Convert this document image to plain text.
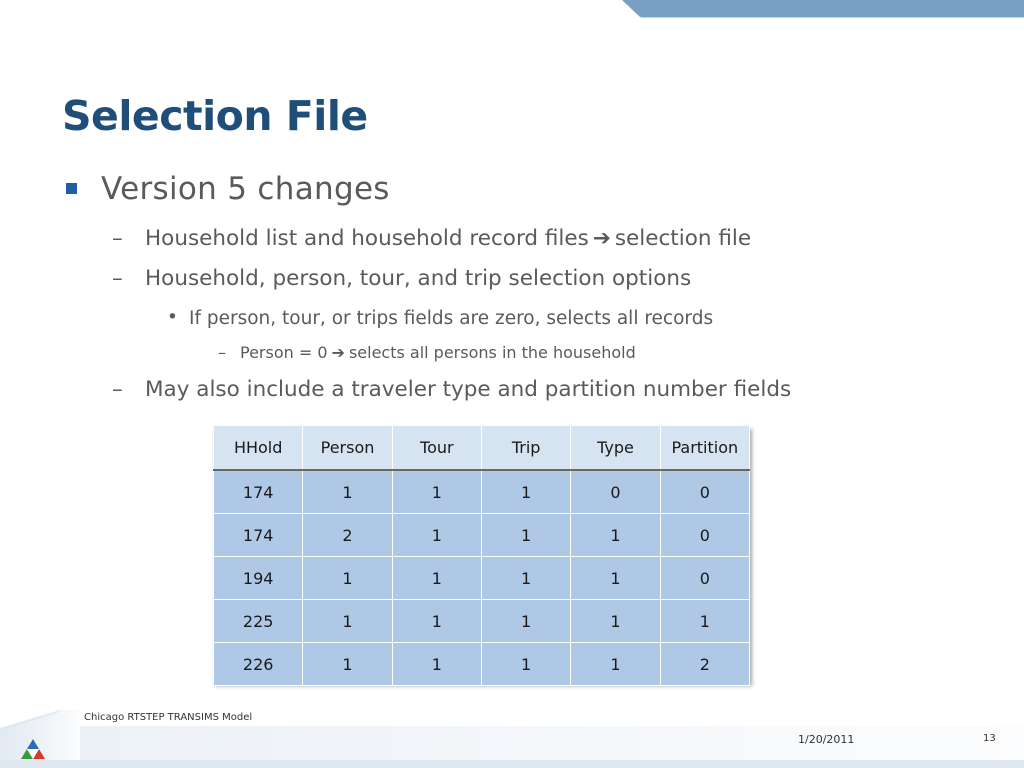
Selection File
Version 5 changes
– Household list and household record files ➔ selection file
– Household, person, tour, and trip selection options
• If person, tour, or trips fields are zero, selects all records
– Person = 0 ➔ selects all persons in the household
– May also include a traveler type and partition number fields
HHold	Person	Tour	Trip	Type	Partition
174	1	1	1	0	0
174	2	1	1	1	0
194	1	1	1	1	0
225	1	1	1	1	1
226	1	1	1	1	2
Chicago RTSTEP TRANSIMS Model
1/20/2011	13
